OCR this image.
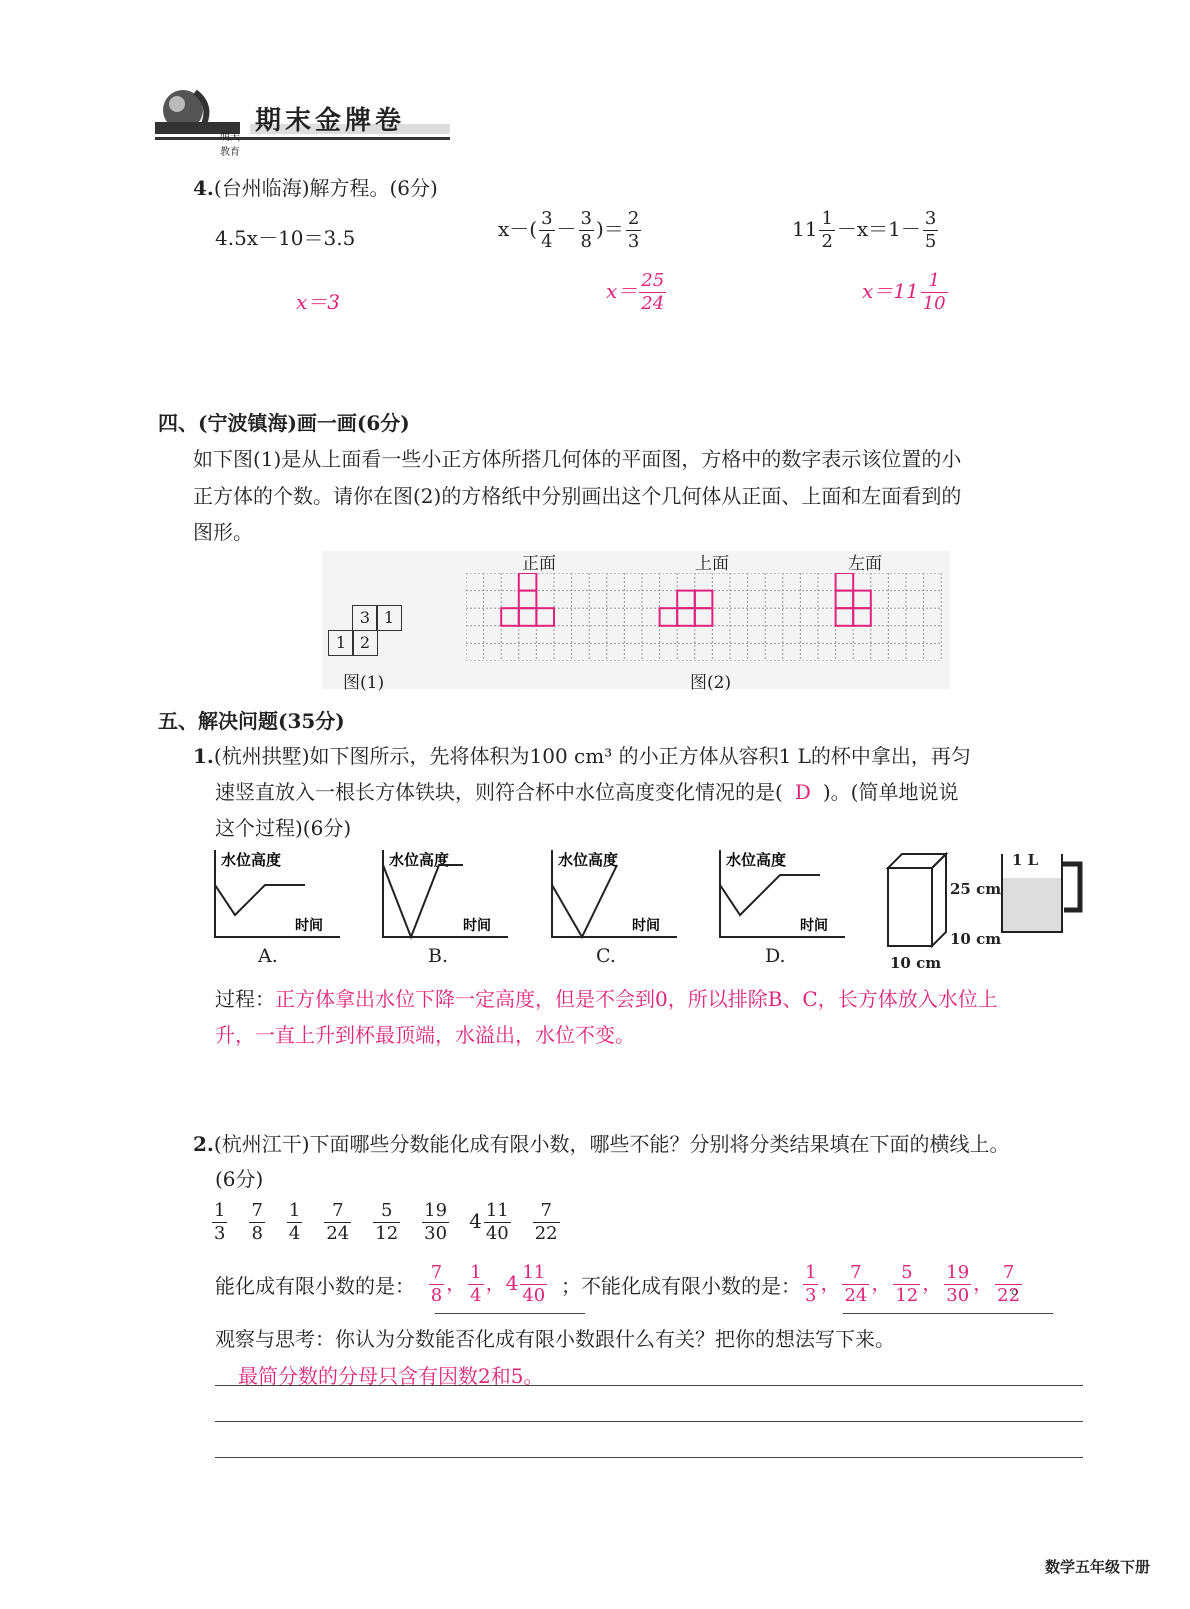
期末金牌卷
明天 教育
4.(台州临海)解方程。(6分)
4.5x－10＝3.5	$x-( \frac{3}{4} - \frac{3}{8}$ )＝ $\frac{2}{3}$	$11 \frac{1}{2} -x=1- \frac{3}{5}$
x＝3	$x= \frac{25}{24}$	$x=11 \frac{1}{10}$
四、(宁波镇海)画一画(6分)
如下图(1)是从上面看一些小正方体所搭几何体的平面图，方格中的数字表示该位置的小
正方体的个数。请你在图(2)的方格纸中分别画出这个几何体从正面、上面和左面看到的
图形。
3 1
1 2
图(1)
正面	上面	左面
图(2)
五、解决问题(35分)
1.(杭州拱墅)如下图所示，先将体积为100 cm³ 的小正方体从容积1 L的杯中拿出，再匀
速竖直放入一根长方体铁块，则符合杯中水位高度变化情况的是( D )。(简单地说说
这个过程)(6分)
水位高度
时间
水位高度
时间
水位高度
时间
水位高度
时间
A.	B.	C.	D.
25 cm
10 cm
10 cm
1 L
过程：正方体拿出水位下降一定高度，但是不会到0，所以排除B、C，长方体放入水位上
升，一直上升到杯最顶端，水溢出，水位不变。
2.(杭州江干)下面哪些分数能化成有限小数，哪些不能？分别将分类结果填在下面的横线上。
(6分)
$\frac{1}{3} \frac{7}{8} \frac{1}{4} \frac{7}{24} \frac{5}{12} \frac{19}{30} 4 \frac{11}{40} \frac{7}{22}$
能化成有限小数的是： $\frac{7}{8}$ ， $\frac{1}{4}$ ，$4 \frac{11}{40}$ ；不能化成有限小数的是： $\frac{1}{3}$ ， $\frac{7}{24}$ ， $\frac{5}{12}$ ， $\frac{19}{30}$ ， $\frac{7}{22}$
。
观察与思考：你认为分数能否化成有限小数跟什么有关？把你的想法写下来。
最简分数的分母只含有因数2和5。
数学五年级下册
